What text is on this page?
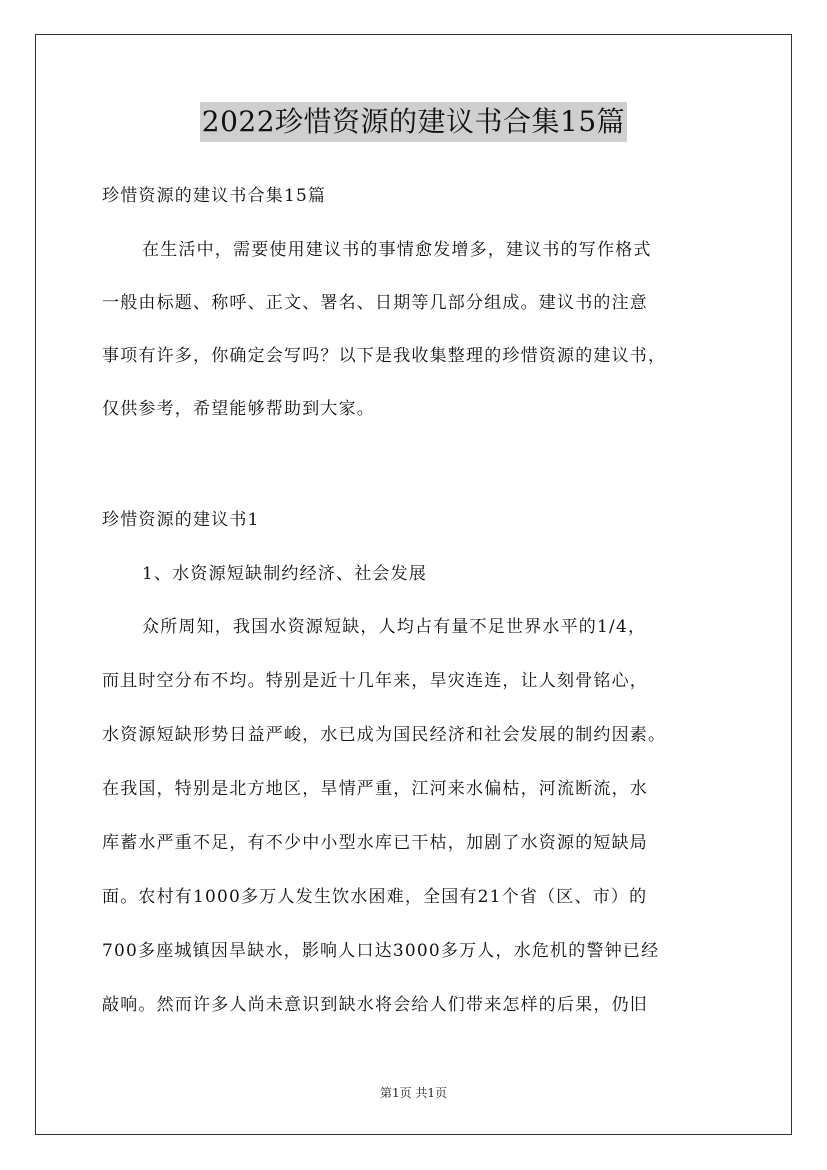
2022珍惜资源的建议书合集15篇
珍惜资源的建议书合集15篇
在生活中，需要使用建议书的事情愈发增多，建议书的写作格式
一般由标题、称呼、正文、署名、日期等几部分组成。建议书的注意
事项有许多，你确定会写吗？以下是我收集整理的珍惜资源的建议书，
仅供参考，希望能够帮助到大家。
珍惜资源的建议书1
1、水资源短缺制约经济、社会发展
众所周知，我国水资源短缺，人均占有量不足世界水平的1/4，
而且时空分布不均。特别是近十几年来，旱灾连连，让人刻骨铭心，
水资源短缺形势日益严峻，水已成为国民经济和社会发展的制约因素。
在我国，特别是北方地区，旱情严重，江河来水偏枯，河流断流，水
库蓄水严重不足，有不少中小型水库已干枯，加剧了水资源的短缺局
面。农村有1000多万人发生饮水困难，全国有21个省（区、市）的
700多座城镇因旱缺水，影响人口达3000多万人，水危机的警钟已经
敲响。然而许多人尚未意识到缺水将会给人们带来怎样的后果，仍旧
第1页 共1页
